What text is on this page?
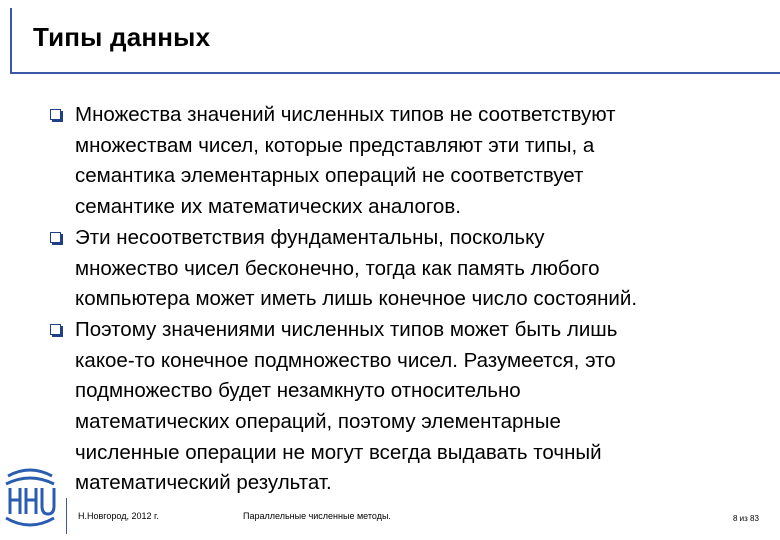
Типы данных
Множества значений численных типов не соответствуют
множествам чисел, которые представляют эти типы, а
семантика элементарных операций не соответствует
семантике их математических аналогов.
Эти несоответствия фундаментальны, поскольку
множество чисел бесконечно, тогда как память любого
компьютера может иметь лишь конечное число состояний.
Поэтому значениями численных типов может быть лишь
какое-то конечное подмножество чисел. Разумеется, это
подмножество будет незамкнуто относительно
математических операций, поэтому элементарные
численные операции не могут всегда выдавать точный
математический результат.
Н.Новгород, 2012 г.	Параллельные численные методы.	8 из 83
